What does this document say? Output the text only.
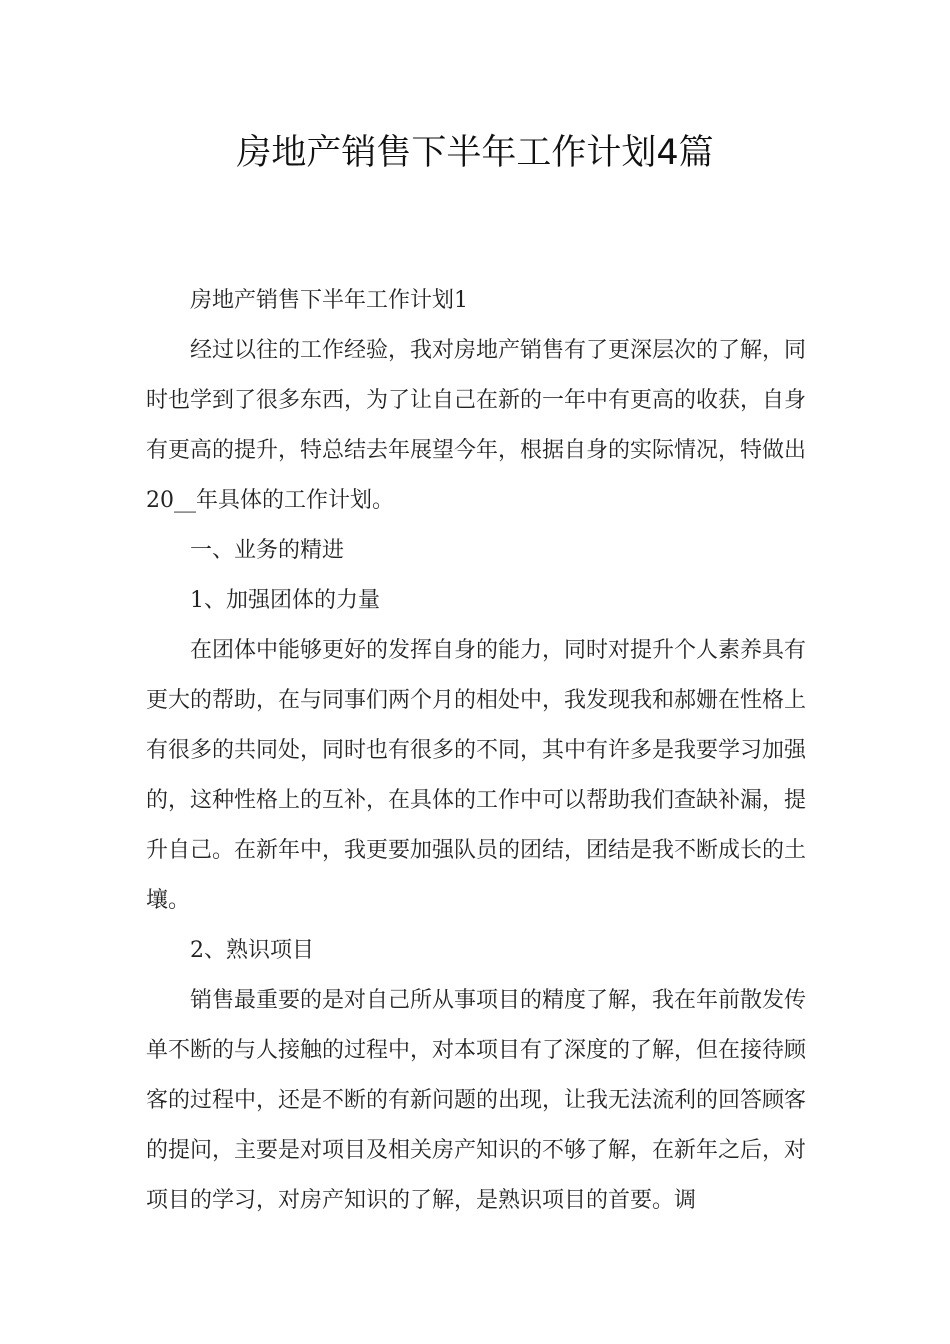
房地产销售下半年工作计划4篇

房地产销售下半年工作计划1

经过以往的工作经验，我对房地产销售有了更深层次的了解，同时也学到了很多东西，为了让自己在新的一年中有更高的收获，自身有更高的提升，特总结去年展望今年，根据自身的实际情况，特做出20__年具体的工作计划。

一、业务的精进

1、加强团体的力量

在团体中能够更好的发挥自身的能力，同时对提升个人素养具有更大的帮助，在与同事们两个月的相处中，我发现我和郝姗在性格上有很多的共同处，同时也有很多的不同，其中有许多是我要学习加强的，这种性格上的互补，在具体的工作中可以帮助我们查缺补漏，提升自己。在新年中，我更要加强队员的团结，团结是我不断成长的土壤。

2、熟识项目

销售最重要的是对自己所从事项目的精度了解，我在年前散发传单不断的与人接触的过程中，对本项目有了深度的了解，但在接待顾客的过程中，还是不断的有新问题的出现，让我无法流利的回答顾客的提问，主要是对项目及相关房产知识的不够了解，在新年之后，对项目的学习，对房产知识的了解，是熟识项目的首要。调
